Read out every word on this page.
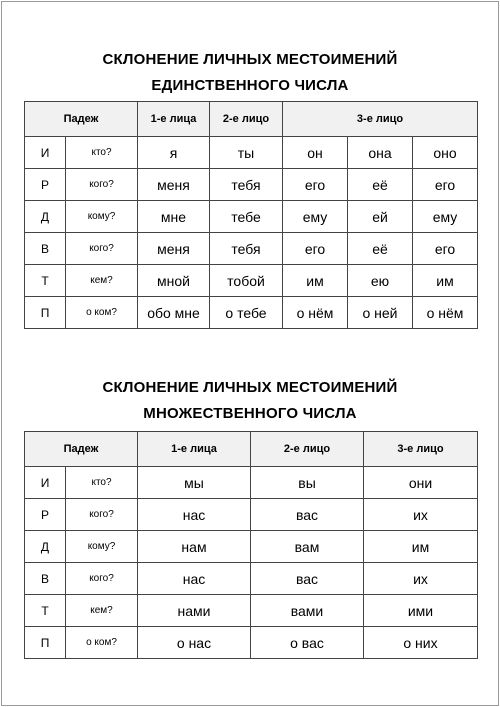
СКЛОНЕНИЕ ЛИЧНЫХ МЕСТОИМЕНИЙ
ЕДИНСТВЕННОГО ЧИСЛА
Падеж		1-е лица	2-е лицо	3-е лицо		
И	кто?	я	ты	он	она	оно
Р	кого?	меня	тебя	его	её	его
Д	кому?	мне	тебе	ему	ей	ему
В	кого?	меня	тебя	его	её	его
Т	кем?	мной	тобой	им	ею	им
П	о ком?	обо мне	о тебе	о нём	о ней	о нём
СКЛОНЕНИЕ ЛИЧНЫХ МЕСТОИМЕНИЙ
МНОЖЕСТВЕННОГО ЧИСЛА
Падеж		1-е лица	2-е лицо	3-е лицо
И	кто?	мы	вы	они
Р	кого?	нас	вас	их
Д	кому?	нам	вам	им
В	кого?	нас	вас	их
Т	кем?	нами	вами	ими
П	о ком?	о нас	о вас	о них
